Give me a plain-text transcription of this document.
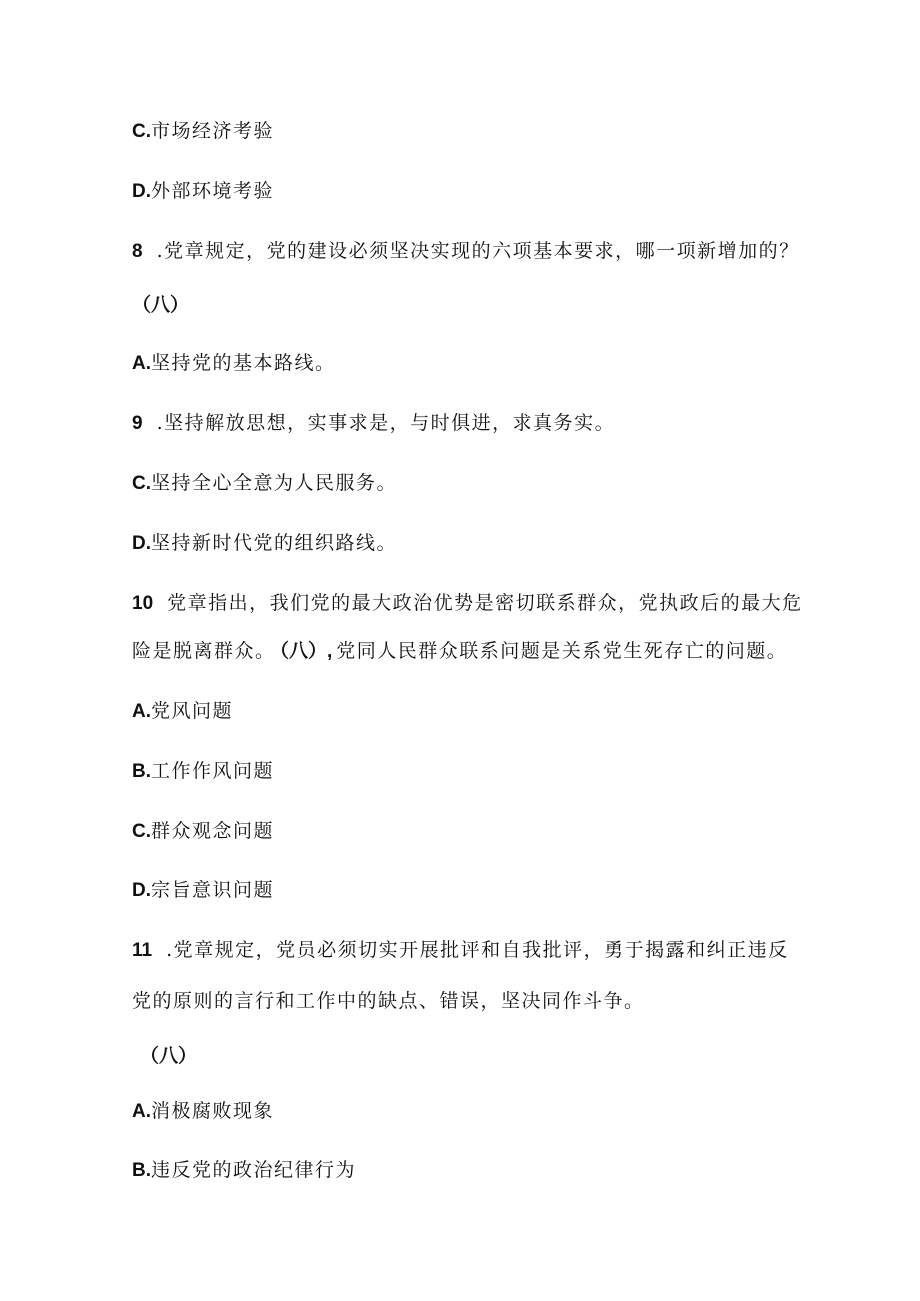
C.市场经济考验
D.外部环境考验
8 .党章规定，党的建设必须坚决实现的六项基本要求，哪一项新增加的？
（八）
A.坚持党的基本路线。
9 .坚持解放思想，实事求是，与时俱进，求真务实。
C.坚持全心全意为人民服务。
D.坚持新时代党的组织路线。
10 党章指出，我们党的最大政治优势是密切联系群众，党执政后的最大危
险是脱离群众。 （八）, 党同人民群众联系问题是关系党生死存亡的问题。
A.党风问题
B.工作作风问题
C.群众观念问题
D.宗旨意识问题
11 .党章规定，党员必须切实开展批评和自我批评，勇于揭露和纠正违反
党的原则的言行和工作中的缺点、错误，坚决同作斗争。
（八）
A.消极腐败现象
B.违反党的政治纪律行为
